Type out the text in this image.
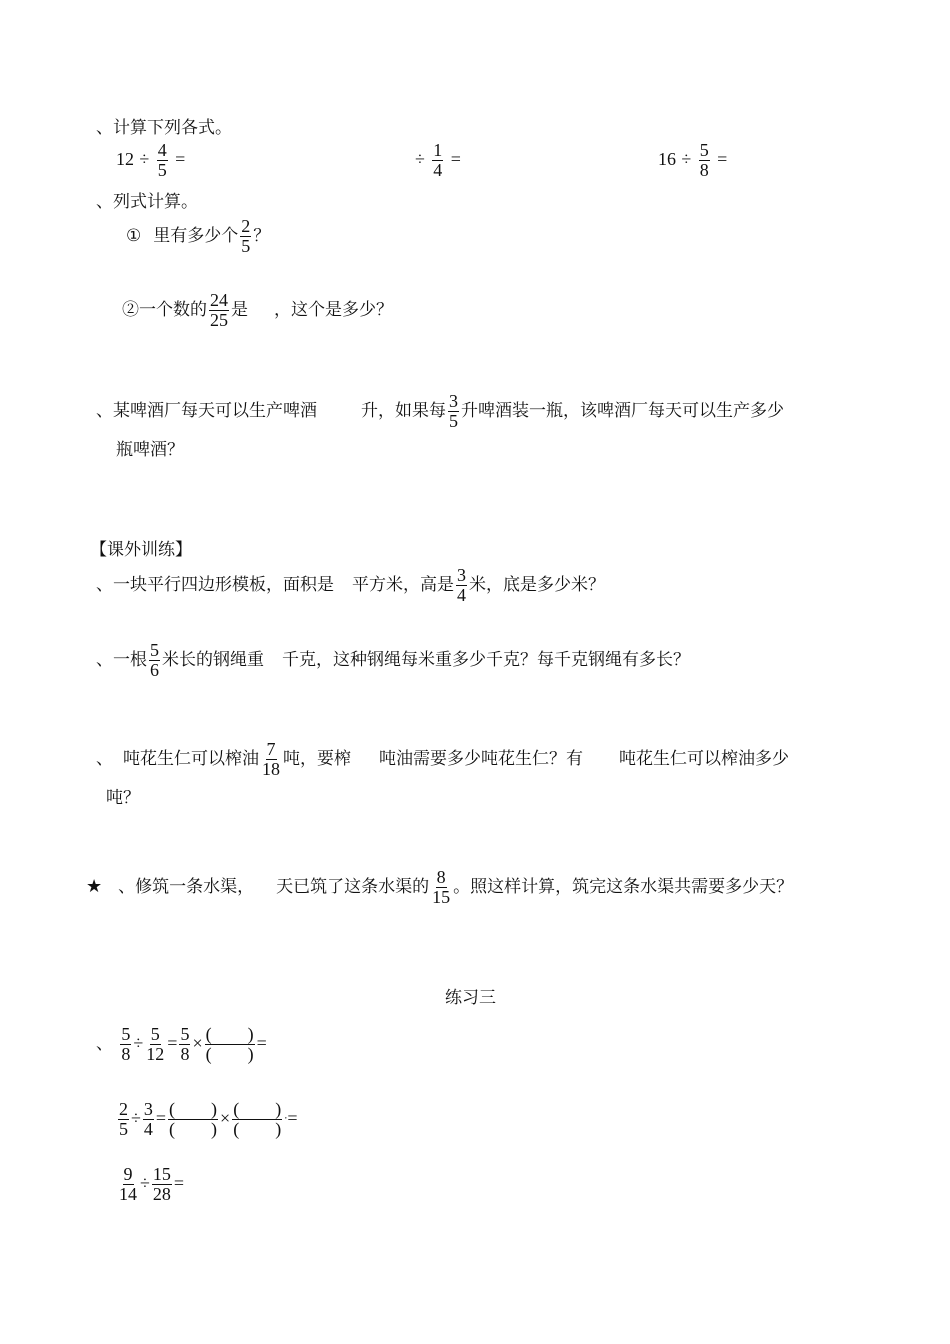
、计算下列各式。
$12 \div \frac{4}{5}$ =	÷ $\frac{1}{4}$ =	$16 \div \frac{5}{8}$ =
、列式计算。
① 里有多少个 $\frac{2}{5}$ ？
②一个数的 $\frac{24}{25}$ 是 ，这个是多少？
、某啤酒厂每天可以生产啤酒	升，如果每 $\frac{3}{5}$ 升啤酒装一瓶，该啤酒厂每天可以生产多少
瓶啤酒？
【课外训练】
、一块平行四边形模板，面积是 平方米，高是 $\frac{3}{4}$ 米，底是多少米？
、一根 $\frac{5}{6}$ 米长的钢绳重 千克，这种钢绳每米重多少千克？每千克钢绳有多长？
、 吨花生仁可以榨油 $\frac{7}{18}$ 吨，要榨 吨油需要多少吨花生仁？有 吨花生仁可以榨油多少
吨？
★ 、修筑一条水渠， 天已筑了这条水渠的 $\frac{8}{15}$ 。照这样计算，筑完这条水渠共需要多少天？
练习三
、 $\frac{5}{8} \div \frac{5}{12} = \frac{5}{8} \times \frac{( )}{( )}$ =
$\frac{2}{5} \div \frac{3}{4} = \frac{( )}{( )} \times \frac{( )}{( )}$ ·=
$\frac{9}{14} \div \frac{15}{28}$ =
